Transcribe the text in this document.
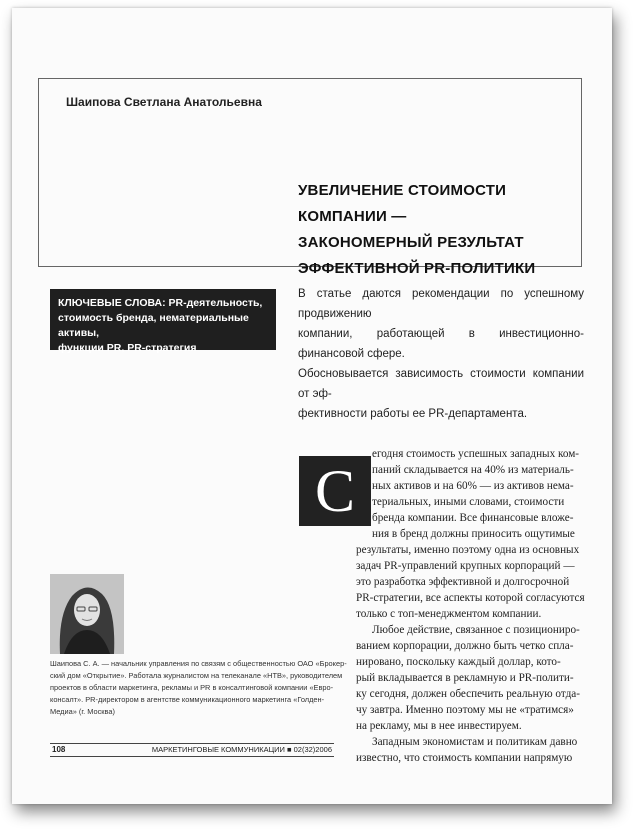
Шаипова Светлана Анатольевна
УВЕЛИЧЕНИЕ СТОИМОСТИ КОМПАНИИ —
ЗАКОНОМЕРНЫЙ РЕЗУЛЬТАТ
ЭФФЕКТИВНОЙ PR-ПОЛИТИКИ
КЛЮЧЕВЫЕ СЛОВА: PR-деятельность,
стоимость бренда, нематериальные активы,
функции PR, PR-стратегия
В статье даются рекомендации по успешному продвижению
компании, работающей в инвестиционно-финансовой сфере.
Обосновывается зависимость стоимости компании от эф-
фективности работы ее PR-департамента.
С
егодня стоимость успешных западных ком-
паний складывается на 40% из материаль-
ных активов и на 60% — из активов нема-
териальных, иными словами, стоимости
бренда компании. Все финансовые вложе-
ния в бренд должны приносить ощутимые
результаты, именно поэтому одна из основных
задач PR-управлений крупных корпораций —
это разработка эффективной и долгосрочной
PR-стратегии, все аспекты которой согласуются
только с топ-менеджментом компании.
Любое действие, связанное с позициониро-
ванием корпорации, должно быть четко спла-
нировано, поскольку каждый доллар, кото-
рый вкладывается в рекламную и PR-полити-
ку сегодня, должен обеспечить реальную отда-
чу завтра. Именно поэтому мы не «тратимся»
на рекламу, мы в нее инвестируем.
Западным экономистам и политикам давно
известно, что стоимость компании напрямую
Шаипова С. А. — начальник управления по связям с общественностью ОАО «Брокер-
ский дом «Открытие». Работала журналистом на телеканале «НТВ», руководителем
проектов в области маркетинга, рекламы и PR в консалтинговой компании «Евро-
консалт». PR-директором в агентстве коммуникационного маркетинга «Голден-
Медиа» (г. Москва)
108	МАРКЕТИНГОВЫЕ КОММУНИКАЦИИ ■ 02(32)2006
